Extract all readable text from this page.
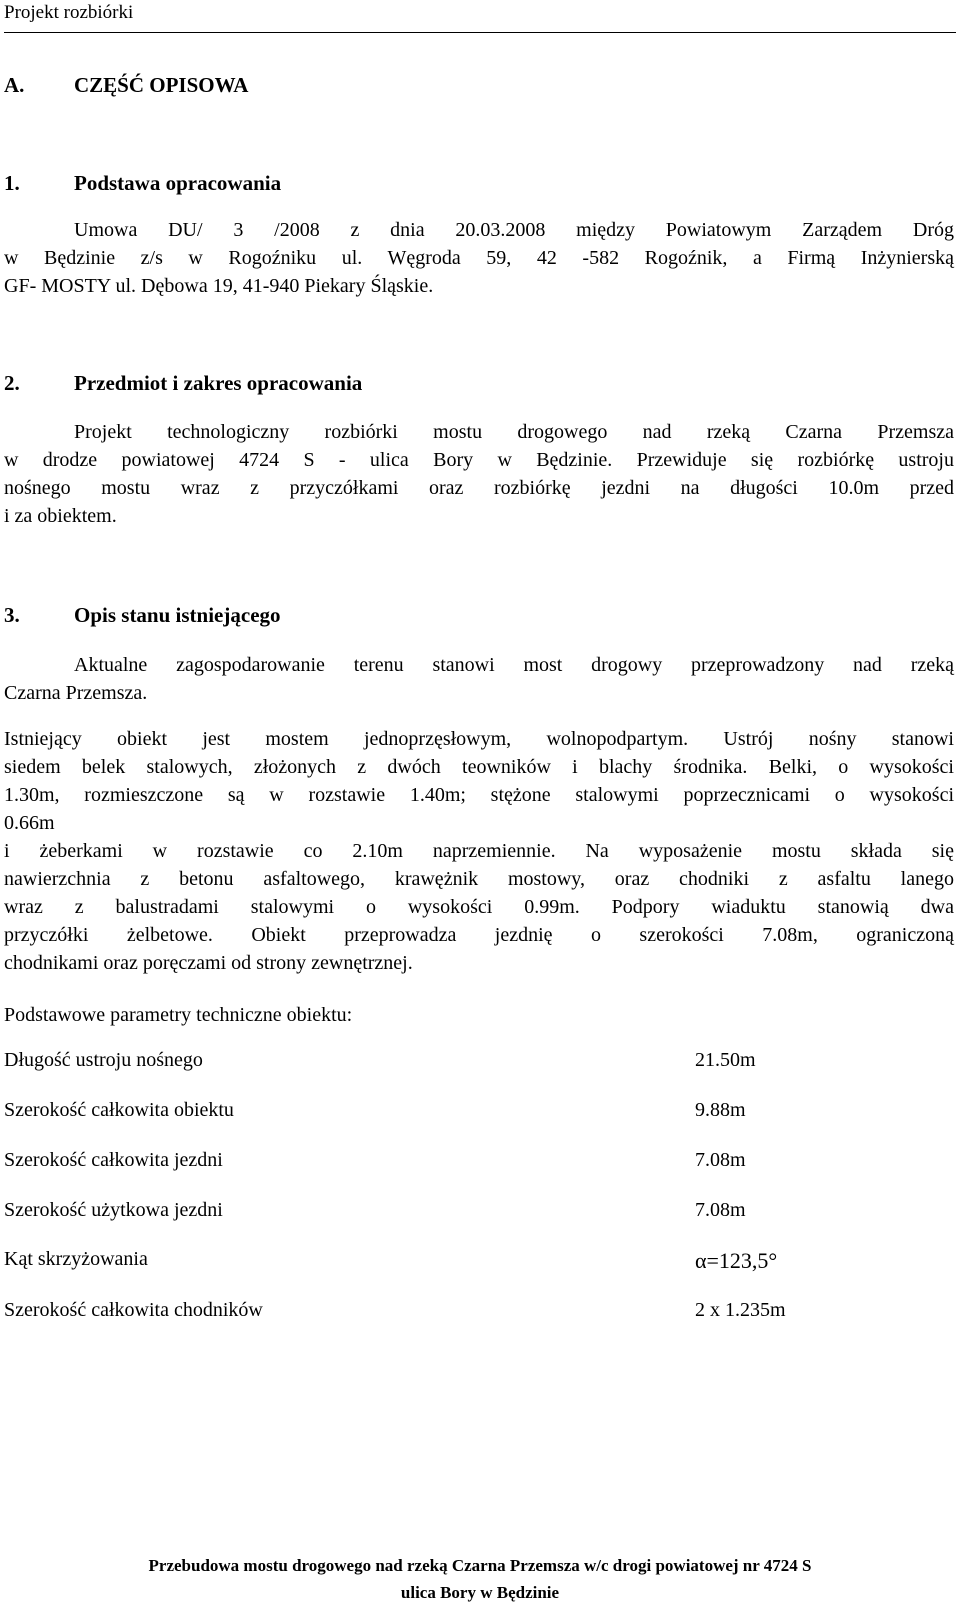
Projekt rozbiórki
A. CZĘŚĆ OPISOWA
1.	Podstawa opracowania
Umowa DU/ 3 /2008 z dnia 20.03.2008 między Powiatowym Zarządem Dróg
w Będzinie z/s w Rogoźniku ul. Węgroda 59, 42 -582 Rogoźnik, a Firmą Inżynierską
GF- MOSTY ul. Dębowa 19, 41-940 Piekary Śląskie.
2.	Przedmiot i zakres opracowania
Projekt technologiczny rozbiórki mostu drogowego nad rzeką Czarna Przemsza
w drodze powiatowej 4724 S - ulica Bory w Będzinie. Przewiduje się rozbiórkę ustroju
nośnego mostu wraz z przyczółkami oraz rozbiórkę jezdni na długości 10.0m przed
i za obiektem.
3.	Opis stanu istniejącego
Aktualne zagospodarowanie terenu stanowi most drogowy przeprowadzony nad rzeką
Czarna Przemsza.
Istniejący obiekt jest mostem jednoprzęsłowym, wolnopodpartym. Ustrój nośny stanowi
siedem belek stalowych, złożonych z dwóch teowników i blachy środnika. Belki, o wysokości
1.30m, rozmieszczone są w rozstawie 1.40m; stężone stalowymi poprzecznicami o wysokości
0.66m
i żeberkami w rozstawie co 2.10m naprzemiennie. Na wyposażenie mostu składa się
nawierzchnia z betonu asfaltowego, krawężnik mostowy, oraz chodniki z asfaltu lanego
wraz z balustradami stalowymi o wysokości 0.99m. Podpory wiaduktu stanowią dwa
przyczółki żelbetowe. Obiekt przeprowadza jezdnię o szerokości 7.08m, ograniczoną
chodnikami oraz poręczami od strony zewnętrznej.
Podstawowe parametry techniczne obiektu:
Długość ustroju nośnego	21.50m
Szerokość całkowita obiektu	9.88m
Szerokość całkowita jezdni	7.08m
Szerokość użytkowa jezdni	7.08m
Kąt skrzyżowania	α=123,5°
Szerokość całkowita chodników	2 x 1.235m
Przebudowa mostu drogowego nad rzeką Czarna Przemsza w/c drogi powiatowej nr 4724 S
ulica Bory w Będzinie
